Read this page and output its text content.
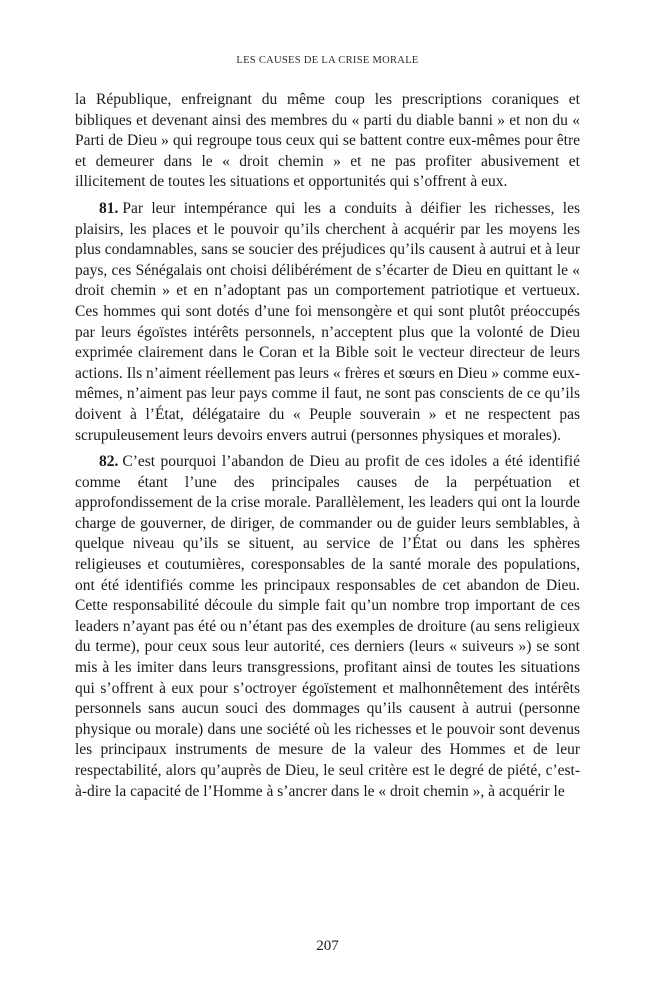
LES CAUSES DE LA CRISE MORALE

la République, enfreignant du même coup les prescriptions coraniques et bibliques et devenant ainsi des membres du « parti du diable banni » et non du « Parti de Dieu » qui regroupe tous ceux qui se battent contre eux-mêmes pour être et demeurer dans le « droit chemin » et ne pas profiter abusivement et illicitement de toutes les situations et opportunités qui s’offrent à eux.

81. Par leur intempérance qui les a conduits à déifier les richesses, les plaisirs, les places et le pouvoir qu’ils cherchent à acquérir par les moyens les plus condamnables, sans se soucier des préjudices qu’ils causent à autrui et à leur pays, ces Sénégalais ont choisi délibérément de s’écarter de Dieu en quittant le « droit chemin » et en n’adoptant pas un comportement patriotique et vertueux. Ces hommes qui sont dotés d’une foi mensongère et qui sont plutôt préoccupés par leurs égoïstes intérêts personnels, n’acceptent plus que la volonté de Dieu exprimée clairement dans le Coran et la Bible soit le vecteur directeur de leurs actions. Ils n’aiment réellement pas leurs « frères et sœurs en Dieu » comme eux-mêmes, n’aiment pas leur pays comme il faut, ne sont pas conscients de ce qu’ils doivent à l’État, délégataire du « Peuple souverain » et ne respectent pas scrupuleusement leurs devoirs envers autrui (personnes physiques et morales).

82. C’est pourquoi l’abandon de Dieu au profit de ces idoles a été identifié comme étant l’une des principales causes de la perpétuation et approfondissement de la crise morale. Parallèlement, les leaders qui ont la lourde charge de gouverner, de diriger, de commander ou de guider leurs semblables, à quelque niveau qu’ils se situent, au service de l’État ou dans les sphères religieuses et coutumières, coresponsables de la santé morale des populations, ont été identifiés comme les principaux responsables de cet abandon de Dieu. Cette responsabilité découle du simple fait qu’un nombre trop important de ces leaders n’ayant pas été ou n’étant pas des exemples de droiture (au sens religieux du terme), pour ceux sous leur autorité, ces derniers (leurs « suiveurs ») se sont mis à les imiter dans leurs transgressions, profitant ainsi de toutes les situations qui s’offrent à eux pour s’octroyer égoïstement et malhonnêtement des intérêts personnels sans aucun souci des dommages qu’ils causent à autrui (personne physique ou morale) dans une société où les richesses et le pouvoir sont devenus les principaux instruments de mesure de la valeur des Hommes et de leur respectabilité, alors qu’auprès de Dieu, le seul critère est le degré de piété, c’est-à-dire la capacité de l’Homme à s’ancrer dans le « droit chemin », à acquérir le

207
